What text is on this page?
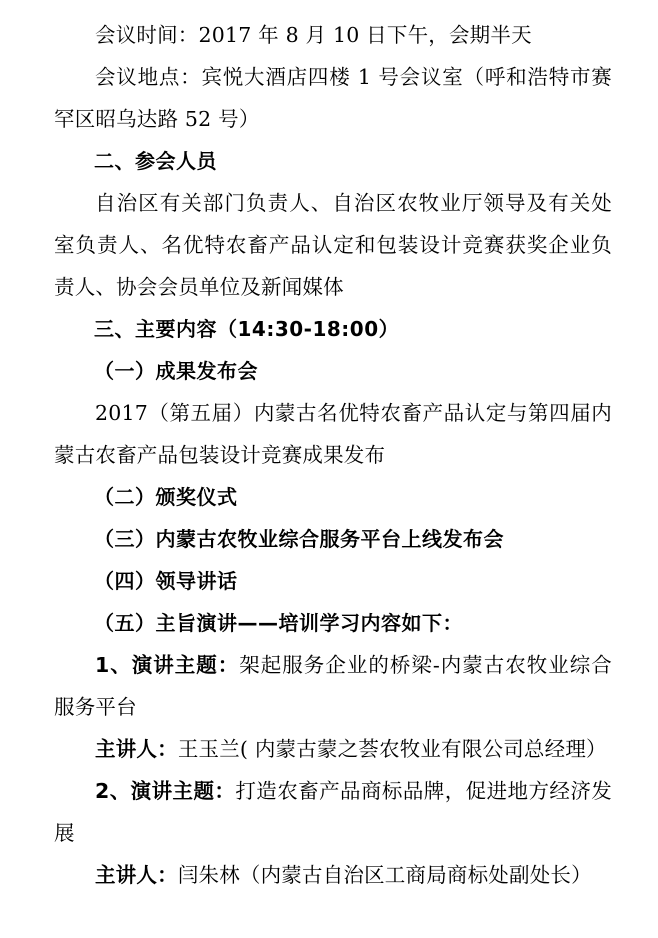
会议时间：2017 年 8 月 10 日下午，会期半天

会议地点：宾悦大酒店四楼 1 号会议室（呼和浩特市赛罕区昭乌达路 52 号）

二、参会人员

自治区有关部门负责人、自治区农牧业厅领导及有关处室负责人、名优特农畜产品认定和包装设计竞赛获奖企业负责人、协会会员单位及新闻媒体

三、主要内容（14:30-18:00）

（一）成果发布会

2017（第五届）内蒙古名优特农畜产品认定与第四届内蒙古农畜产品包装设计竞赛成果发布

（二）颁奖仪式

（三）内蒙古农牧业综合服务平台上线发布会

（四）领导讲话

（五）主旨演讲——培训学习内容如下：

1、演讲主题：架起服务企业的桥梁-内蒙古农牧业综合服务平台

主讲人：王玉兰( 内蒙古蒙之荟农牧业有限公司总经理）

2、演讲主题：打造农畜产品商标品牌，促进地方经济发展

主讲人：闫朱林（内蒙古自治区工商局商标处副处长）
